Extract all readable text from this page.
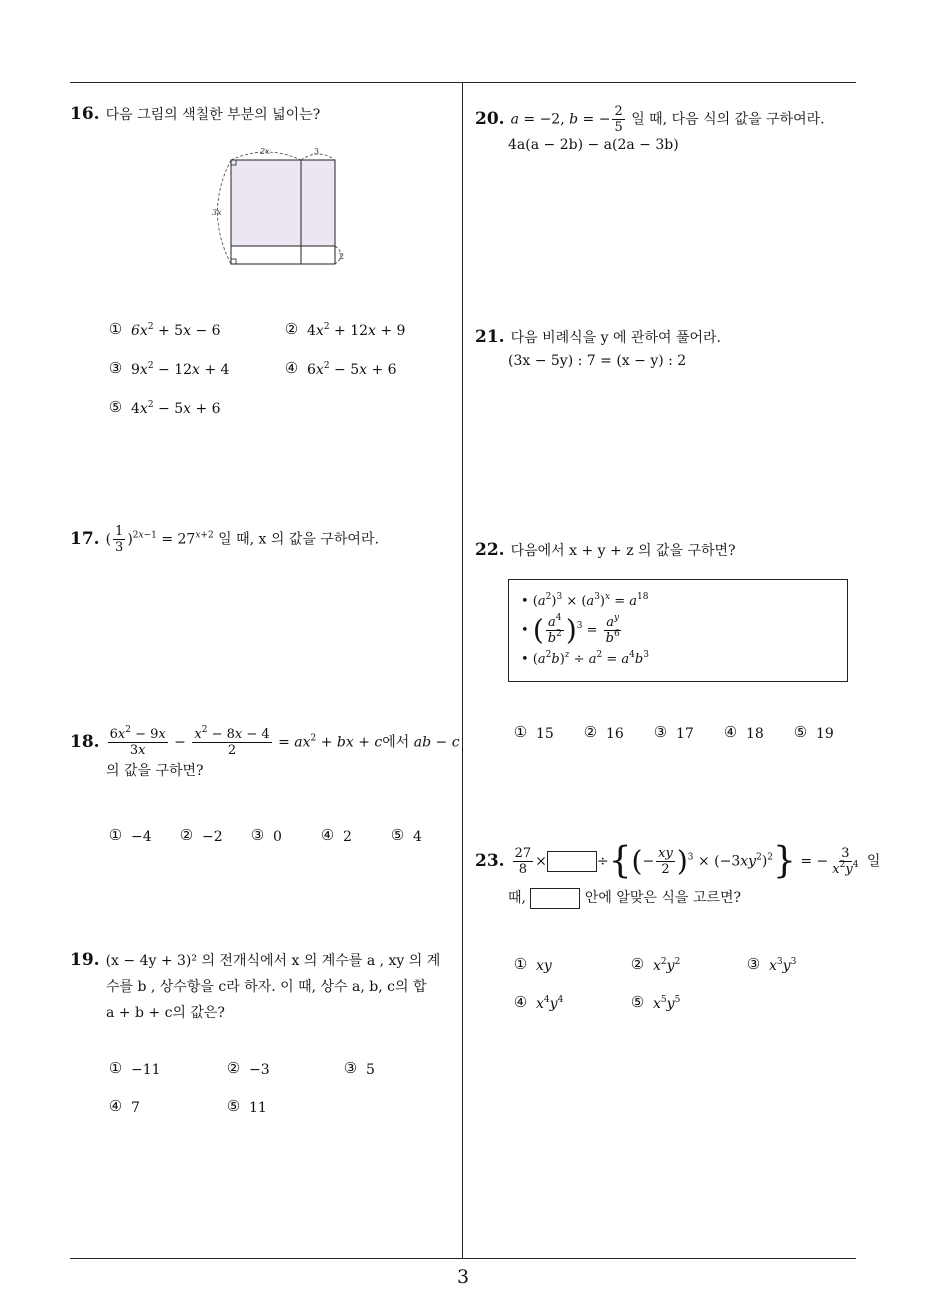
3
16. 다음 그림의 색칠한 부분의 넓이는?
2x	3
3x
2
① $6x^2 + 5x - 6$	② $4x^2 + 12x + 9$
③ $9x^2 - 12x + 4$	④ $6x^2 - 5x + 6$
⑤ $4x^2 - 5x + 6$
17. ( $\frac{1}{3} )^{2x-1} = 27^{x+2}$ 일 때, x 의 값을 구하여라.
18. $\frac{6x^2 - 9x}{3x} - \frac{x^2 - 8x - 4}{2} = ax^2$ + bx + c에서 ab − c
의 값을 구하면?
① −4 ② −2 ③ 0	④ 2	⑤ 4
19. (x − 4y + 3)² 의 전개식에서 x 의 계수를 a , xy 의 계
수를 b , 상수항을 c라 하자. 이 때, 상수 a, b, c의 합
a + b + c의 값은?
① −11	② −3	③ 5
④ 7	⑤ 11
20. a = −2, b = − $\frac{2}{5}$ 일 때, 다음 식의 값을 구하여라.
4a(a − 2b) − a(2a − 3b)
21. 다음 비례식을 y 에 관하여 풀어라.
(3x − 5y) : 7 = (x − y) : 2
22. 다음에서 x + y + z 의 값을 구하면?
• $(a^2)^3 \times (a^3)^x = a^{18}$
• ( $\frac{a^4}{b^2} )^3 = \frac{a^y}{b^6}$
• $(a^2b)^z \div a^2 = a^4b^3$
① 15 ② 16 ③ 17 ④ 18 ⑤ 19
23. $\frac{27}{8}$ ×	÷{(− $\frac{xy}{2} )^3 \times (-3xy^2)^2$} = − $\frac{3}{x^2y^4}$ 일
때,	안에 알맞은 식을 고르면?
① xy	② $x^2y^2$	③ $x^3y^3$
④ $x^4y^4$	⑤ $x^5y^5$
